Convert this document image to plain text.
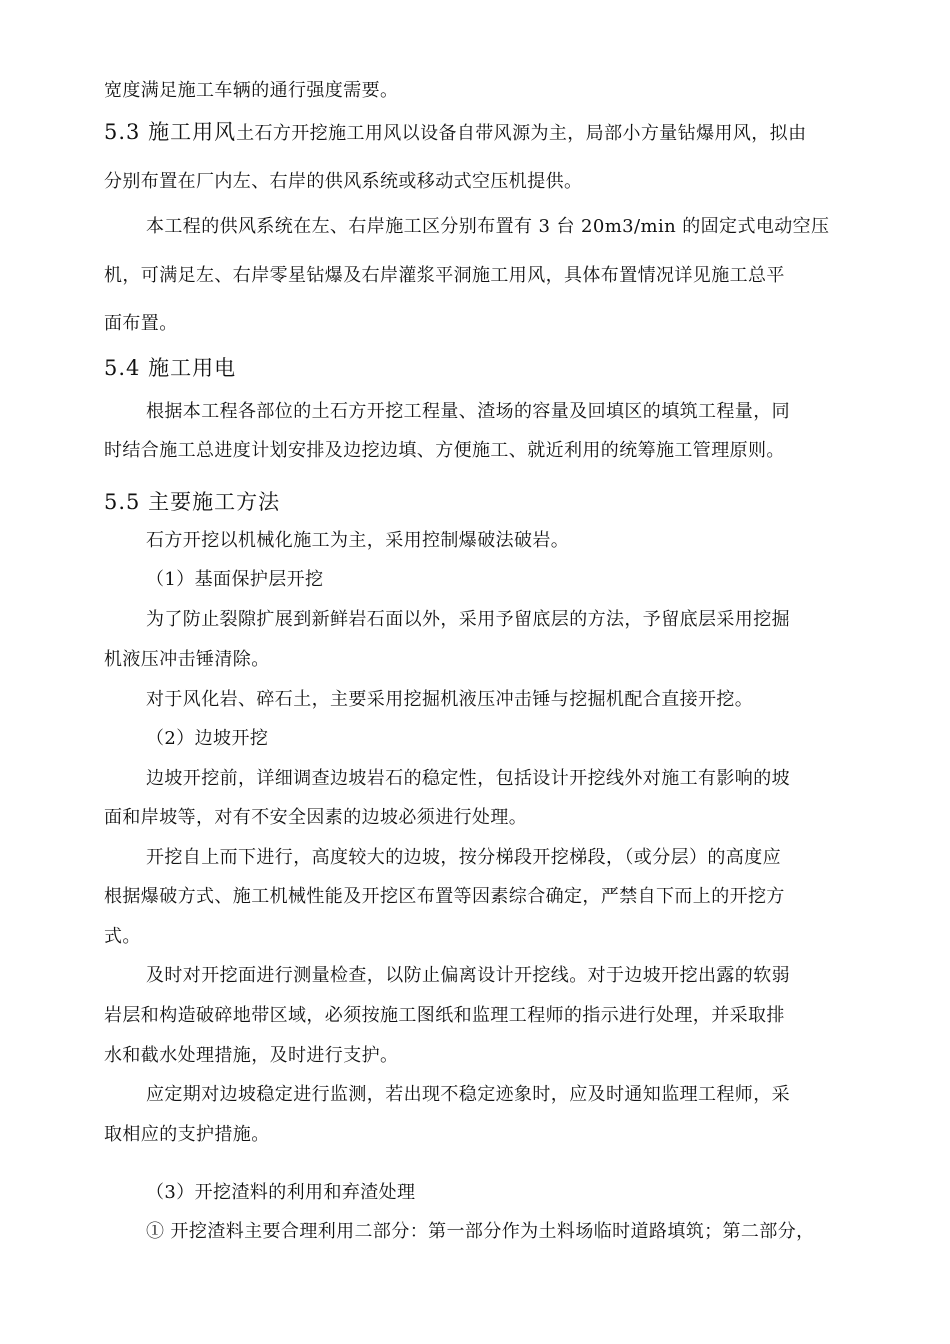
宽度满足施工车辆的通行强度需要。
5.3 施工用风土石方开挖施工用风以设备自带风源为主，局部小方量钻爆用风，拟由
分别布置在厂内左、右岸的供风系统或移动式空压机提供。
本工程的供风系统在左、右岸施工区分别布置有 3 台 20m3/min 的固定式电动空压
机，可满足左、右岸零星钻爆及右岸灌浆平洞施工用风，具体布置情况详见施工总平
面布置。
5.4 施工用电
根据本工程各部位的土石方开挖工程量、渣场的容量及回填区的填筑工程量，同
时结合施工总进度计划安排及边挖边填、方便施工、就近利用的统筹施工管理原则。
5.5 主要施工方法
石方开挖以机械化施工为主，采用控制爆破法破岩。
（1）基面保护层开挖
为了防止裂隙扩展到新鲜岩石面以外，采用予留底层的方法，予留底层采用挖掘
机液压冲击锤清除。
对于风化岩、碎石土，主要采用挖掘机液压冲击锤与挖掘机配合直接开挖。
（2）边坡开挖
边坡开挖前，详细调查边坡岩石的稳定性，包括设计开挖线外对施工有影响的坡
面和岸坡等，对有不安全因素的边坡必须进行处理。
开挖自上而下进行，高度较大的边坡，按分梯段开挖梯段，（或分层）的高度应
根据爆破方式、施工机械性能及开挖区布置等因素综合确定，严禁自下而上的开挖方
式。
及时对开挖面进行测量检查，以防止偏离设计开挖线。对于边坡开挖出露的软弱
岩层和构造破碎地带区域，必须按施工图纸和监理工程师的指示进行处理，并采取排
水和截水处理措施，及时进行支护。
应定期对边坡稳定进行监测，若出现不稳定迹象时，应及时通知监理工程师，采
取相应的支护措施。
（3）开挖渣料的利用和弃渣处理
① 开挖渣料主要合理利用二部分：第一部分作为土料场临时道路填筑；第二部分，
